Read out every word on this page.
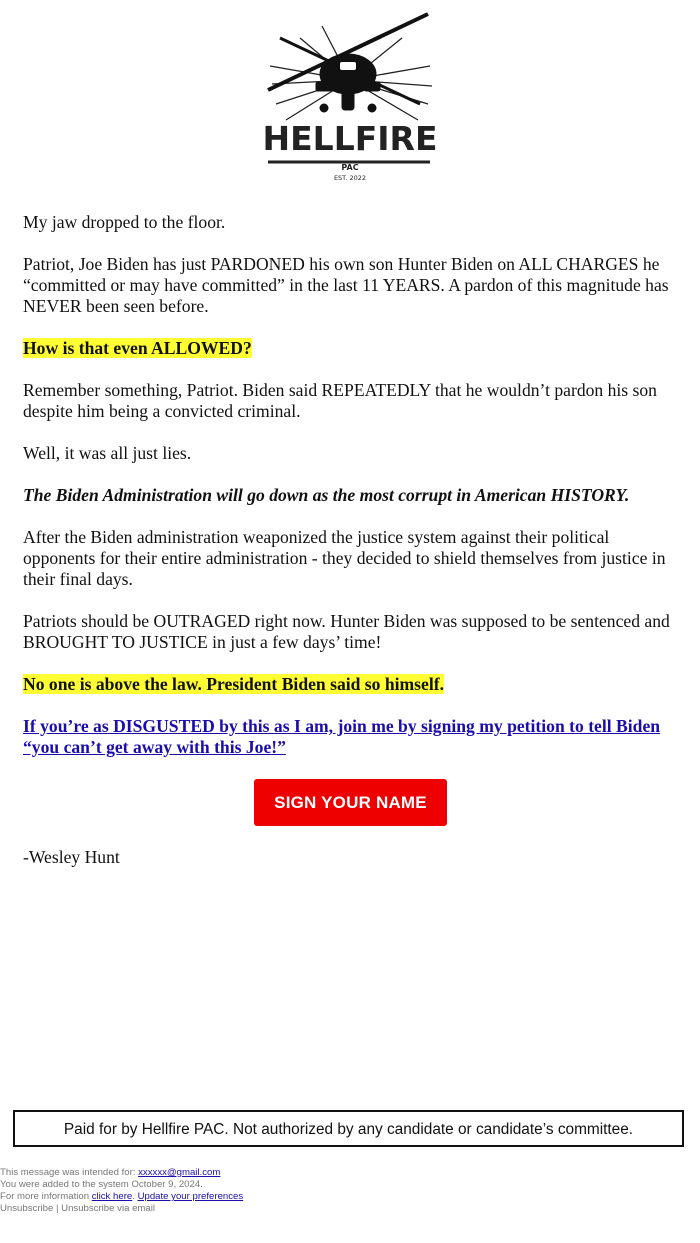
HELLFIRE
PAC
EST. 2022

My jaw dropped to the floor.

Patriot, Joe Biden has just PARDONED his own son Hunter Biden on ALL CHARGES he “committed or may have committed” in the last 11 YEARS. A pardon of this magnitude has NEVER been seen before.

How is that even ALLOWED?

Remember something, Patriot. Biden said REPEATEDLY that he wouldn’t pardon his son despite him being a convicted criminal.

Well, it was all just lies.

The Biden Administration will go down as the most corrupt in American HISTORY.

After the Biden administration weaponized the justice system against their political opponents for their entire administration - they decided to shield themselves from justice in their final days.

Patriots should be OUTRAGED right now. Hunter Biden was supposed to be sentenced and BROUGHT TO JUSTICE in just a few days’ time!

No one is above the law. President Biden said so himself.

If you’re as DISGUSTED by this as I am, join me by signing my petition to tell Biden “you can’t get away with this Joe!”

SIGN YOUR NAME

-Wesley Hunt

Paid for by Hellfire PAC. Not authorized by any candidate or candidate’s committee.
This message was intended for: xxxxxx@gmail.com
You were added to the system October 9, 2024.
For more information click here. Update your preferences
Unsubscribe | Unsubscribe via email
